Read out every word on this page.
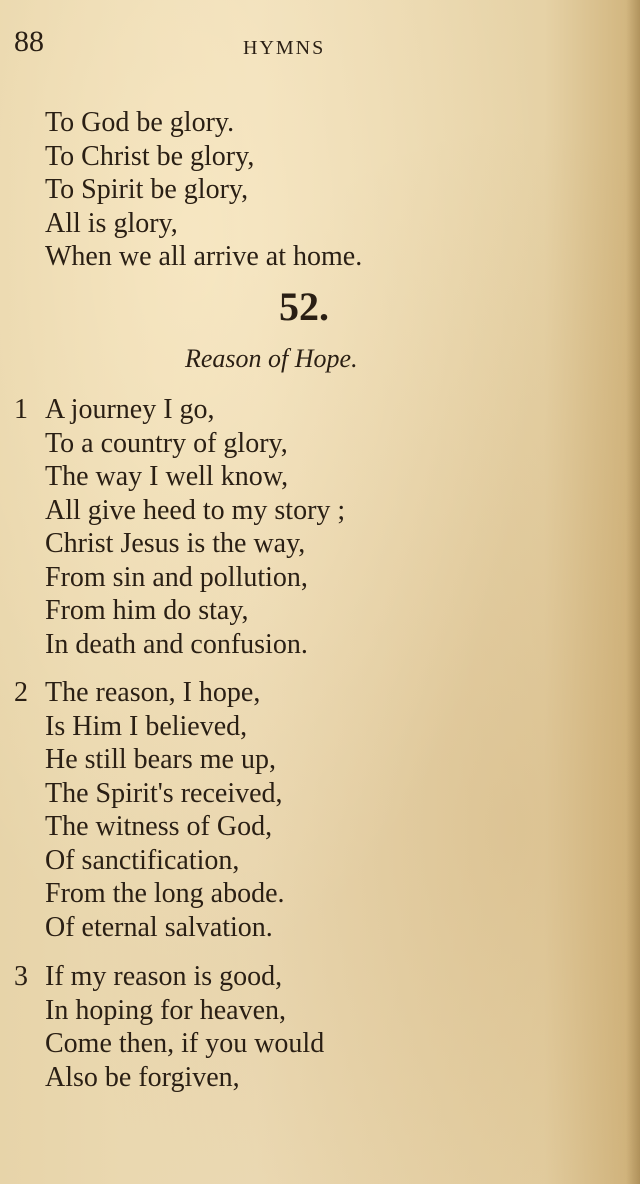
88	HYMNS
To God be glory.
To Christ be glory,
To Spirit be glory,
All is glory,
When we all arrive at home.
52.
Reason of Hope.
1 A journey I go,
To a country of glory,
The way I well know,
All give heed to my story ;
Christ Jesus is the way,
From sin and pollution,
From him do stay,
In death and confusion.
2 The reason, I hope,
Is Him I believed,
He still bears me up,
The Spirit's received,
The witness of God,
Of sanctification,
From the long abode.
Of eternal salvation.
3 If my reason is good,
In hoping for heaven,
Come then, if you would
Also be forgiven,
